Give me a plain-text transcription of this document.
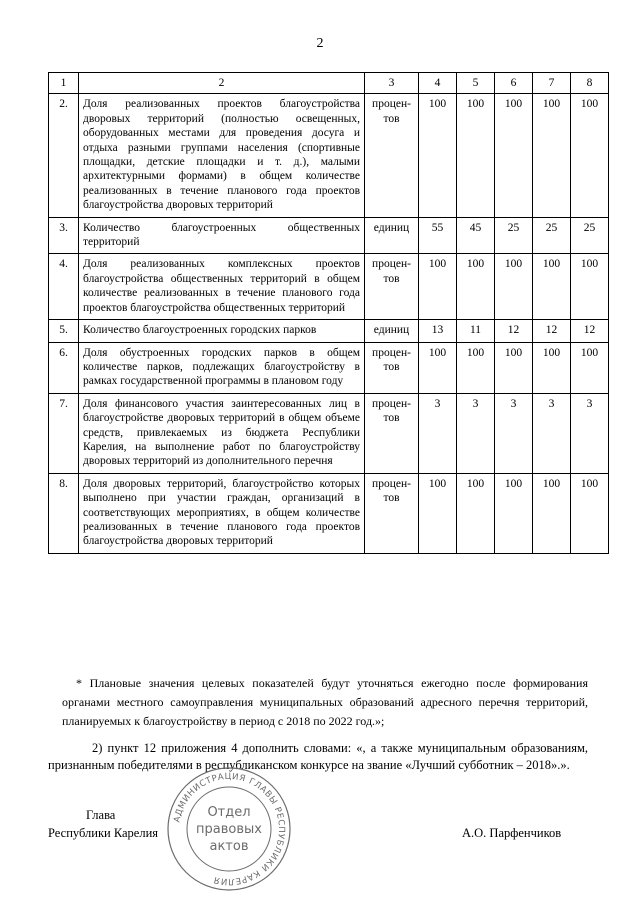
2
1	2	3	4	5	6	7	8
2.	Доля реализованных проектов благоустройства дворовых территорий (полностью освещенных, оборудованных местами для проведения досуга и отдыха разными группами населения (спортивные площадки, детские площадки и т. д.), малыми архитектурными формами) в общем количестве реализованных в течение планового года проектов благоустройства дворовых территорий	процен-тов	100	100	100	100	100
3.	Количество благоустроенных общественных территорий	единиц	55	45	25	25	25
4.	Доля реализованных комплексных проектов благоустройства общественных территорий в общем количестве реализованных в течение планового года проектов благоустройства общественных территорий	процен-тов	100	100	100	100	100
5.	Количество благоустроенных городских парков	единиц	13	11	12	12	12
6.	Доля обустроенных городских парков в общем количестве парков, подлежащих благоустройству в рамках государственной программы в плановом году	процен-тов	100	100	100	100	100
7.	Доля финансового участия заинтересованных лиц в благоустройстве дворовых территорий в общем объеме средств, привлекаемых из бюджета Республики Карелия, на выполнение работ по благоустройству дворовых территорий из дополнительного перечня	процен-тов	3	3	3	3	3
8.	Доля дворовых территорий, благоустройство которых выполнено при участии граждан, организаций в соответствующих мероприятиях, в общем количестве реализованных в течение планового года проектов благоустройства дворовых территорий	процен-тов	100	100	100	100	100
* Плановые значения целевых показателей будут уточняться ежегодно после формирования органами местного самоуправления муниципальных образований адресного перечня территорий, планируемых к благоустройству в период с 2018 по 2022 год.»;
2) пункт 12 приложения 4 дополнить словами: «, а также муниципальным образованиям, признанным победителями в республиканском конкурсе на звание «Лучший субботник – 2018».».
Глава
Республики Карелия	А.О. Парфенчиков
АДМИНИСТРАЦИЯ ГЛАВЫ РЕСПУБЛИКИ КАРЕЛИЯ
Отдел
правовых
актов
